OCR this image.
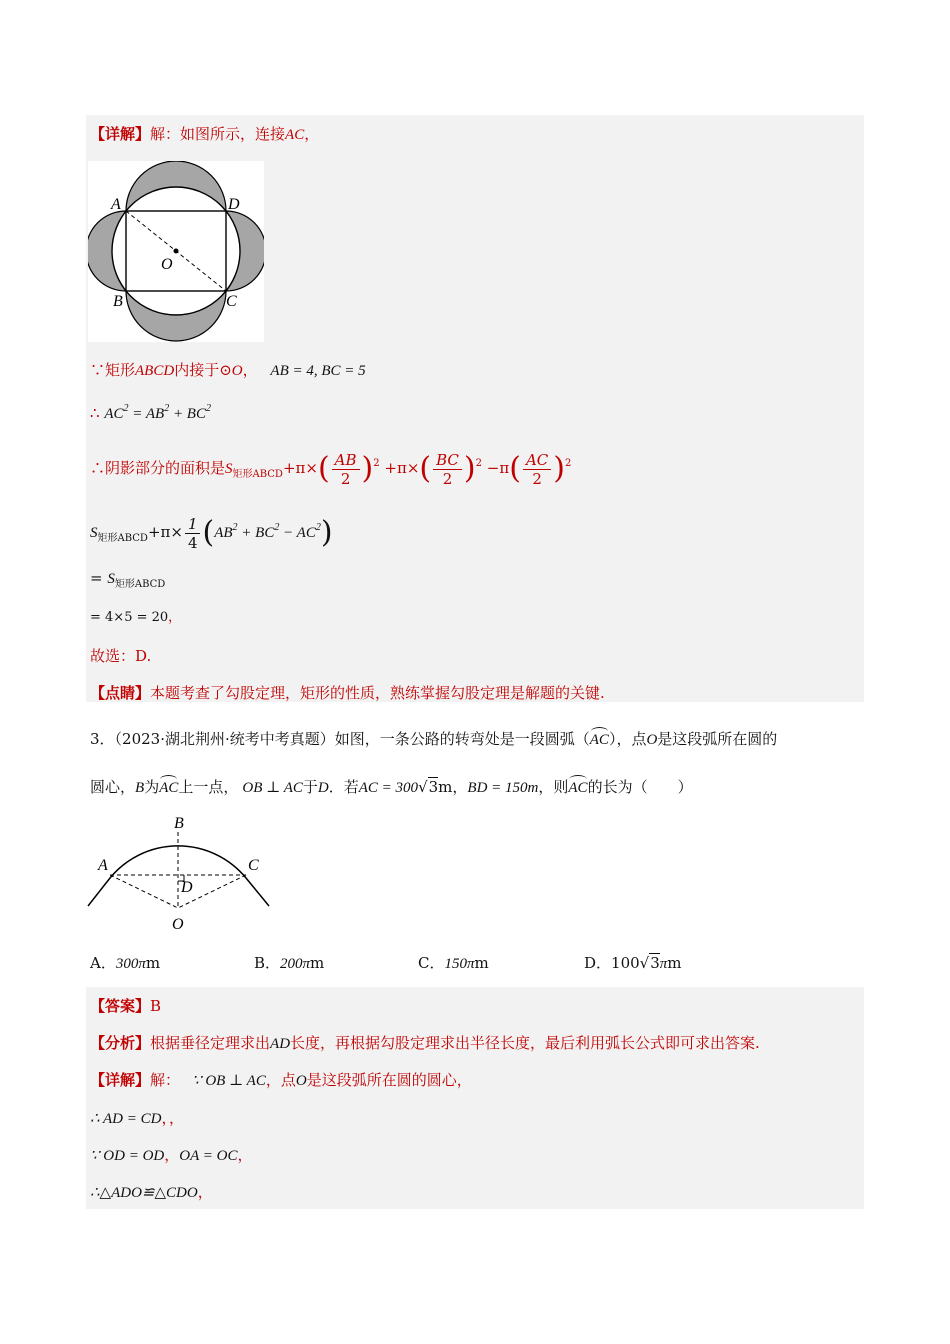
【详解】解：如图所示，连接AC，
A	D
B	C
O
∵矩形ABCD内接于⊙O， AB = 4, BC = 5
∴ $AC^2 = AB^2 + BC^2$
∴阴影部分的面积是$S_{矩形ABCD}+\pi\times( \frac{AB}{2} )^2 +\pi\times( \frac{BC}{2} )^2 -\pi( \frac{AC}{2} )^2$
$S_{矩形ABCD}+\pi\times \frac{1}{4} (AB^2 + BC^2 - AC^2)$
= $S_{矩形ABCD}$
= 4×5 = 20，
故选：D.
【点睛】本题考查了勾股定理，矩形的性质，熟练掌握勾股定理是解题的关键.
3．（2023·湖北荆州·统考中考真题）如图，一条公路的转弯处是一段圆弧（AC），点O是这段弧所在圆的
圆心，B为AC上一点， OB ⊥ AC于D．若AC = 300√3m，BD = 150m，则AC的长为（　　）
B
A	C
D
O
A．300πm	B．200πm	C．150πm	D．100√3πm
【答案】B
【分析】根据垂径定理求出AD长度，再根据勾股定理求出半径长度，最后利用弧长公式即可求出答案.
【详解】解： ∵ OB ⊥ AC，点O是这段弧所在圆的圆心，
∴ AD = CD，，
∵ OD = OD，OA = OC，
∴△ADO≌△CDO，
